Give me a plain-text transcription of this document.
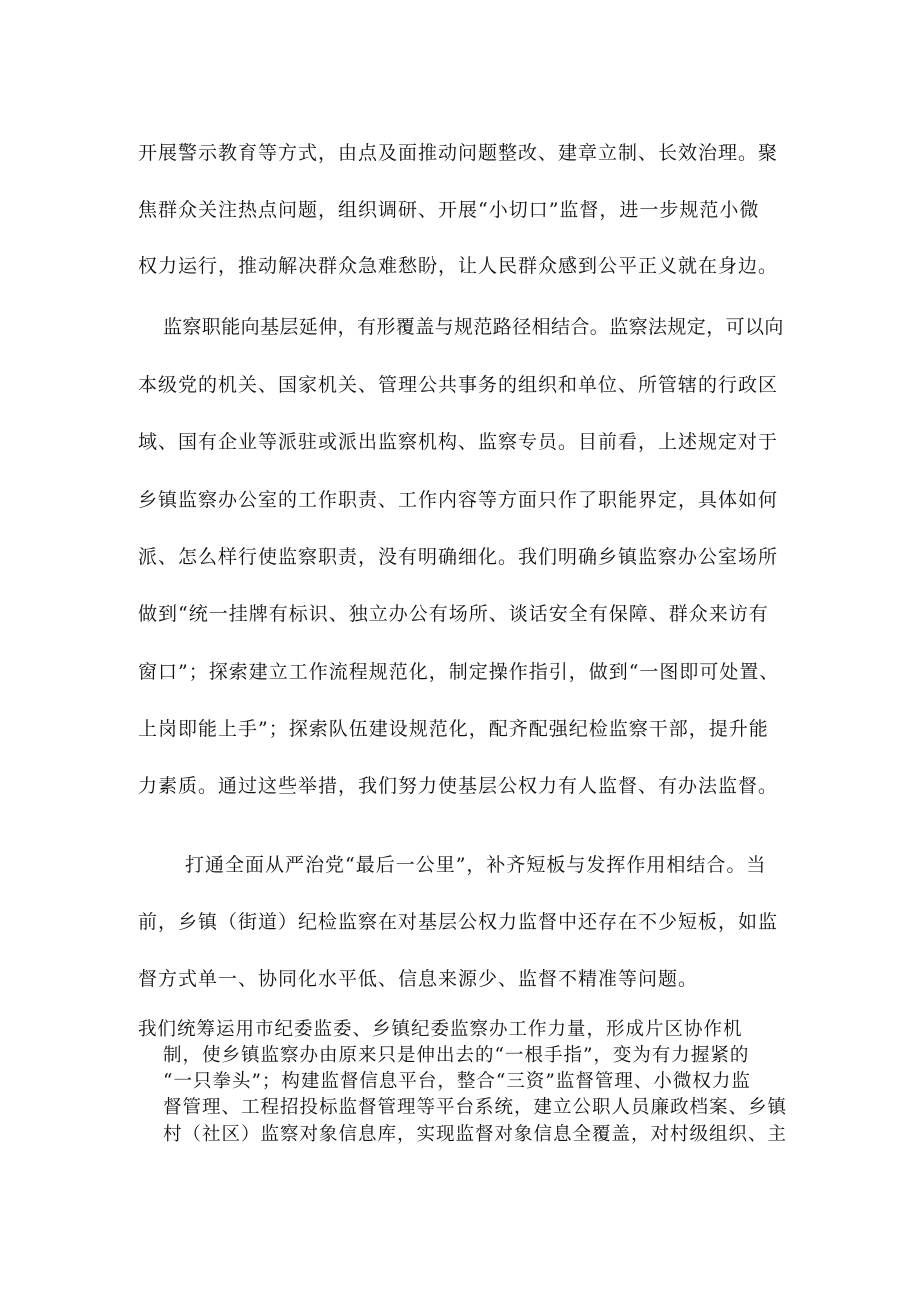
开展警示教育等方式，由点及面推动问题整改、建章立制、长效治理。聚
焦群众关注热点问题，组织调研、开展“小切口”监督，进一步规范小微
权力运行，推动解决群众急难愁盼，让人民群众感到公平正义就在身边。
监察职能向基层延伸，有形覆盖与规范路径相结合。监察法规定，可以向
本级党的机关、国家机关、管理公共事务的组织和单位、所管辖的行政区
域、国有企业等派驻或派出监察机构、监察专员。目前看，上述规定对于
乡镇监察办公室的工作职责、工作内容等方面只作了职能界定，具体如何
派、怎么样行使监察职责，没有明确细化。我们明确乡镇监察办公室场所
做到“统一挂牌有标识、独立办公有场所、谈话安全有保障、群众来访有
窗口”；探索建立工作流程规范化，制定操作指引，做到“一图即可处置、
上岗即能上手”；探索队伍建设规范化，配齐配强纪检监察干部，提升能
力素质。通过这些举措，我们努力使基层公权力有人监督、有办法监督。
打通全面从严治党“最后一公里”，补齐短板与发挥作用相结合。当
前，乡镇（街道）纪检监察在对基层公权力监督中还存在不少短板，如监
督方式单一、协同化水平低、信息来源少、监督不精准等问题。
我们统筹运用市纪委监委、乡镇纪委监察办工作力量，形成片区协作机
制，使乡镇监察办由原来只是伸出去的“一根手指”，变为有力握紧的
“一只拳头”；构建监督信息平台，整合“三资”监督管理、小微权力监
督管理、工程招投标监督管理等平台系统，建立公职人员廉政档案、乡镇
村（社区）监察对象信息库，实现监督对象信息全覆盖，对村级组织、主
